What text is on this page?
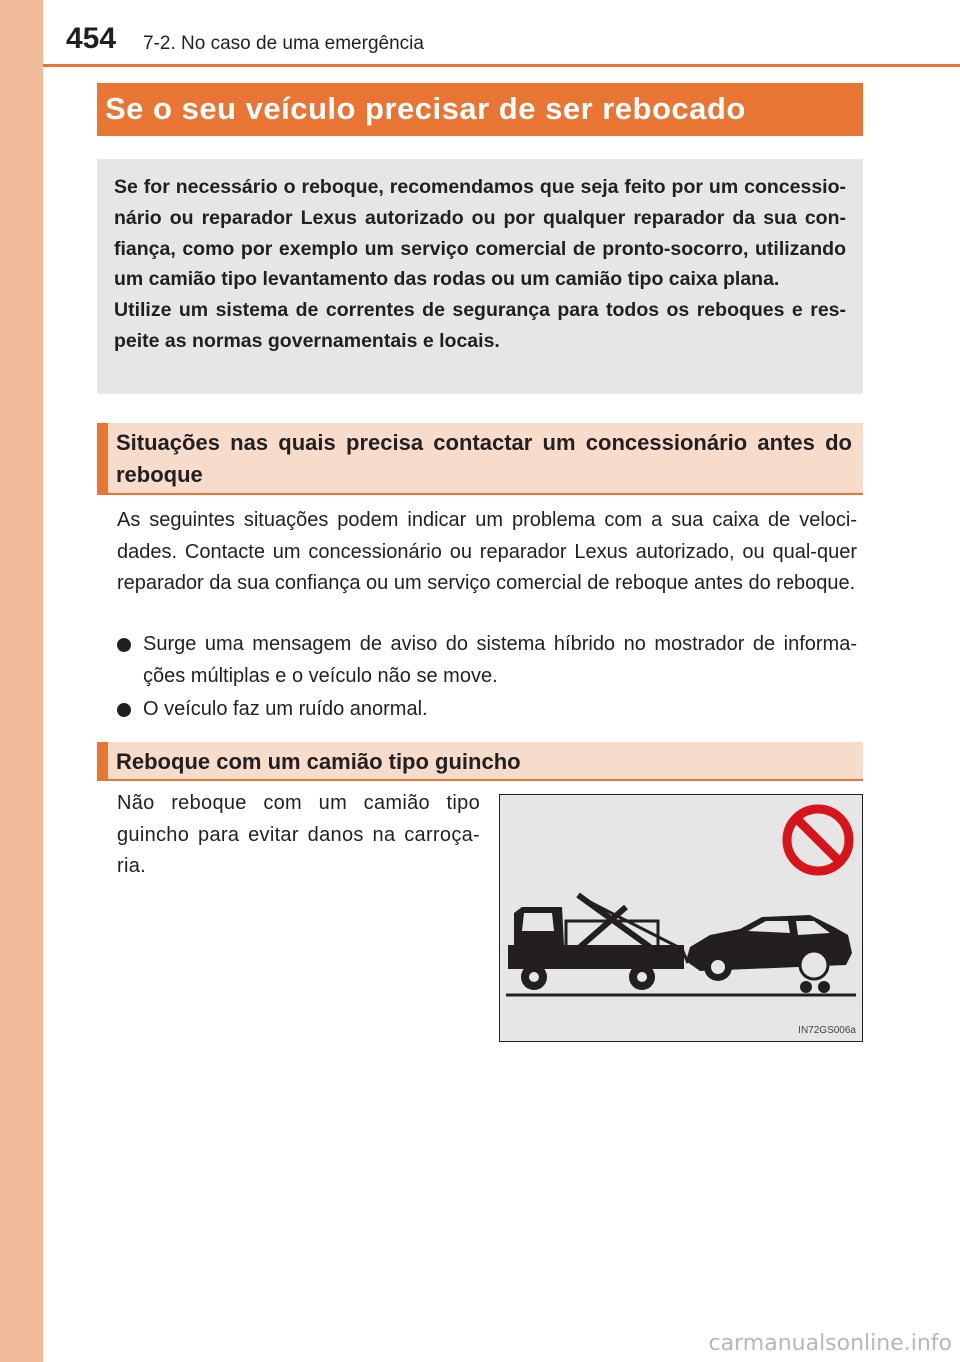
454 7-2. No caso de uma emergência
Se o seu veículo precisar de ser rebocado

Se for necessário o reboque, recomendamos que seja feito por um concessio-nário ou reparador Lexus autorizado ou por qualquer reparador da sua con-fiança, como por exemplo um serviço comercial de pronto-socorro, utilizando um camião tipo levantamento das rodas ou um camião tipo caixa plana.

Utilize um sistema de correntes de segurança para todos os reboques e res-peite as normas governamentais e locais.

Situações nas quais precisa contactar um concessionário antes do reboque

As seguintes situações podem indicar um problema com a sua caixa de veloci-dades. Contacte um concessionário ou reparador Lexus autorizado, ou qual-quer reparador da sua confiança ou um serviço comercial de reboque antes do reboque.

Surge uma mensagem de aviso do sistema híbrido no mostrador de informa-ções múltiplas e o veículo não se move.
O veículo faz um ruído anormal.
Reboque com um camião tipo guincho

Não reboque com um camião tipo guincho para evitar danos na carroça-ria.

IN72GS006a
carmanualsonline.info
